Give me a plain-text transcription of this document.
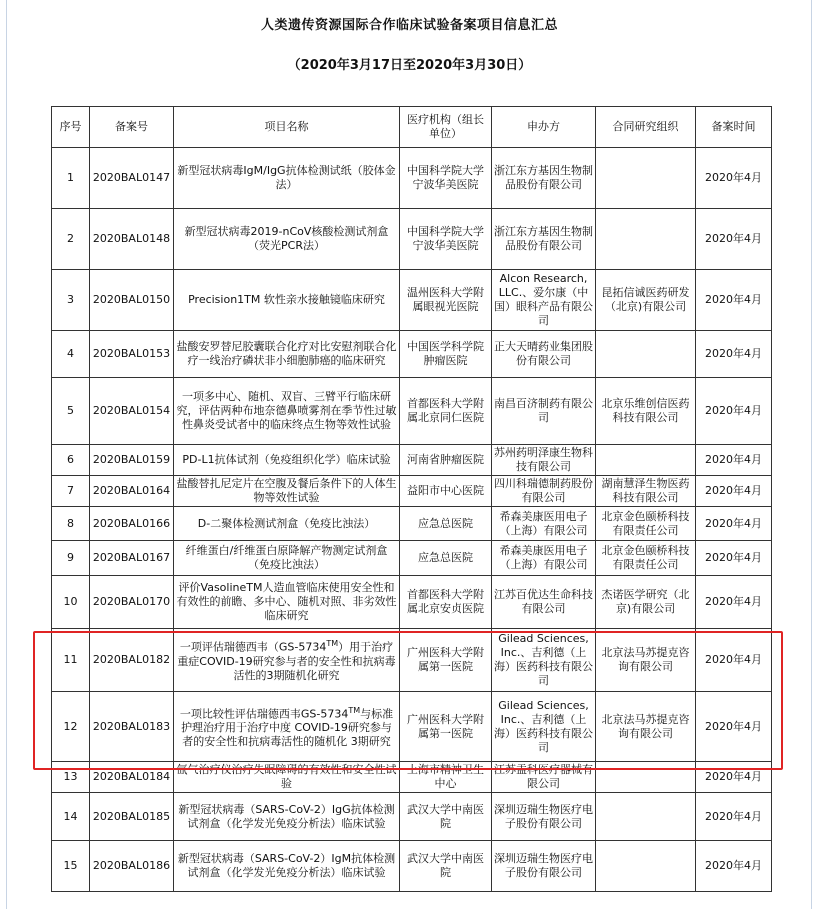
人类遗传资源国际合作临床试验备案项目信息汇总
（2020年3月17日至2020年3月30日）
序号	备案号	项目名称	医疗机构（组长单位）	申办方	合同研究组织	备案时间
1	2020BAL0147	新型冠状病毒IgM/IgG抗体检测试纸（胶体金法）	中国科学院大学宁波华美医院	浙江东方基因生物制品股份有限公司		2020年4月
2	2020BAL0148	新型冠状病毒2019-nCoV核酸检测试剂盒（荧光PCR法）	中国科学院大学宁波华美医院	浙江东方基因生物制品股份有限公司		2020年4月
3	2020BAL0150	Precision1TM 软性亲水接触镜临床研究	温州医科大学附属眼视光医院	Alcon Research, LLC.、爱尔康（中国）眼科产品有限公司	昆拓信诚医药研发（北京)有限公司	2020年4月
4	2020BAL0153	盐酸安罗替尼胶囊联合化疗对比安慰剂联合化疗一线治疗磷状非小细胞肺癌的临床研究	中国医学科学院肿瘤医院	正大天晴药业集团股份有限公司		2020年4月
5	2020BAL0154	一项多中心、随机、双盲、三臂平行临床研究，评估两种布地奈德鼻喷雾剂在季节性过敏性鼻炎受试者中的临床终点生物等效性试验	首都医科大学附属北京同仁医院	南昌百济制药有限公司	北京乐维创信医药科技有限公司	2020年4月
6	2020BAL0159	PD-L1抗体试剂（免疫组织化学）临床试验	河南省肿瘤医院	苏州药明泽康生物科技有限公司		2020年4月
7	2020BAL0164	盐酸替扎尼定片在空腹及餐后条件下的人体生物等效性试验	益阳市中心医院	四川科瑞德制药股份有限公司	湖南慧泽生物医药科技有限公司	2020年4月
8	2020BAL0166	D-二聚体检测试剂盒（免疫比浊法）	应急总医院	希森美康医用电子（上海）有限公司	北京金色颐桥科技有限责任公司	2020年4月
9	2020BAL0167	纤维蛋白/纤维蛋白原降解产物测定试剂盒（免疫比浊法）	应急总医院	希森美康医用电子（上海）有限公司	北京金色颐桥科技有限责任公司	2020年4月
10	2020BAL0170	评价VasolineTM人造血管临床使用安全性和有效性的前瞻、多中心、随机对照、非劣效性临床研究	首都医科大学附属北京安贞医院	江苏百优达生命科技有限公司	杰诺医学研究（北京)有限公司	2020年4月
11	2020BAL0182	一项评估瑞德西韦（GS-5734™）用于治疗重症COVID-19研究参与者的安全性和抗病毒活性的3期随机化研究	广州医科大学附属第一医院	Gilead Sciences, Inc.、吉利德（上海）医药科技有限公司	北京法马苏提克咨询有限公司	2020年4月
12	2020BAL0183	一项比较性评估瑞德西韦GS-5734™与标准护理治疗用于治疗中度 COVID-19研究参与者的安全性和抗病毒活性的随机化 3期研究	广州医科大学附属第一医院	Gilead Sciences, Inc.、吉利德（上海）医药科技有限公司	北京法马苏提克咨询有限公司	2020年4月
13	2020BAL0184	氙气治疗仪治疗失眠障碍的有效性和安全性试验	上海市精神卫生中心	江苏盂科医疗器械有限公司		2020年4月
14	2020BAL0185	新型冠状病毒（SARS-CoV-2）IgG抗体检测试剂盒（化学发光免疫分析法）临床试验	武汉大学中南医院	深圳迈瑞生物医疗电子股份有限公司		2020年4月
15	2020BAL0186	新型冠状病毒（SARS-CoV-2）IgM抗体检测试剂盒（化学发光免疫分析法）临床试验	武汉大学中南医院	深圳迈瑞生物医疗电子股份有限公司		2020年4月
